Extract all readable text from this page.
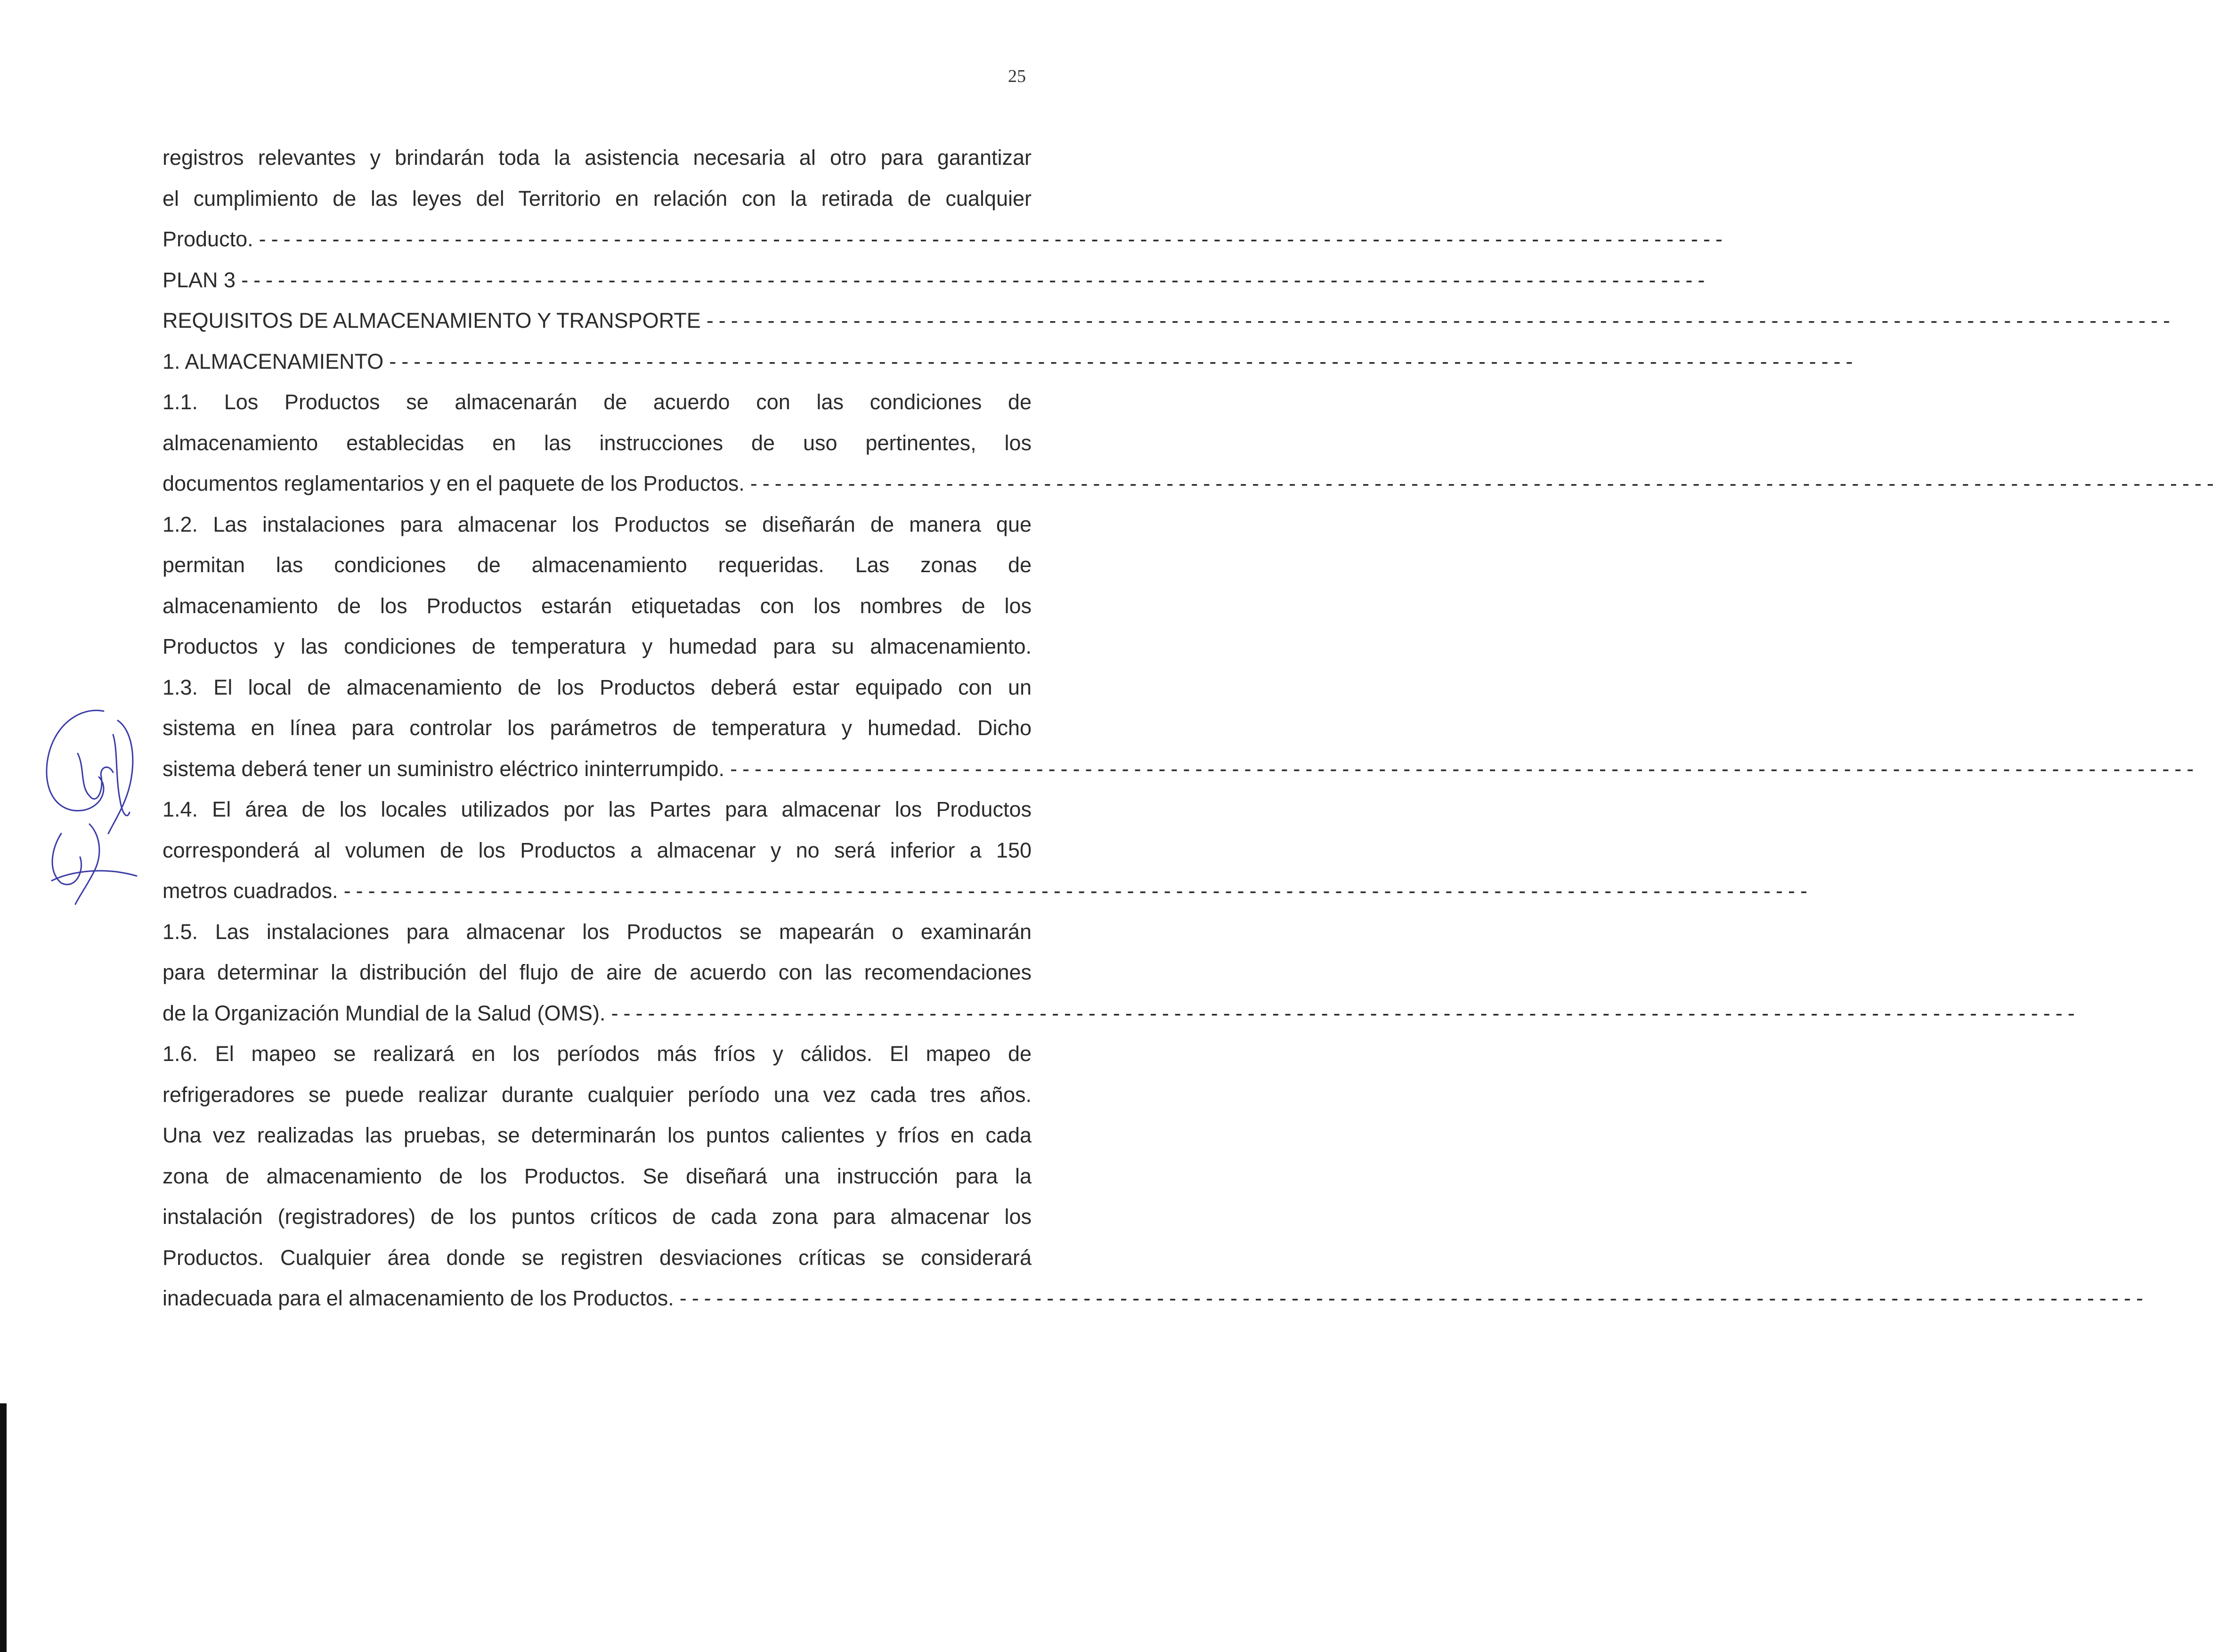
25
registros relevantes y brindarán toda la asistencia necesaria al otro para garantizar
el cumplimiento de las leyes del Territorio en relación con la retirada de cualquier
Producto. ------------------------------------------------------------------------------------------------------------------------
PLAN 3 ------------------------------------------------------------------------------------------------------------------------
REQUISITOS DE ALMACENAMIENTO Y TRANSPORTE ------------------------------------------------------------------------------------------------------------------------
1. ALMACENAMIENTO ------------------------------------------------------------------------------------------------------------------------
1.1. Los Productos se almacenarán de acuerdo con las condiciones de
almacenamiento establecidas en las instrucciones de uso pertinentes, los
documentos reglamentarios y en el paquete de los Productos. ------------------------------------------------------------------------------------------------------------------------
1.2. Las instalaciones para almacenar los Productos se diseñarán de manera que
permitan las condiciones de almacenamiento requeridas. Las zonas de
almacenamiento de los Productos estarán etiquetadas con los nombres de los
Productos y las condiciones de temperatura y humedad para su almacenamiento.
1.3. El local de almacenamiento de los Productos deberá estar equipado con un
sistema en línea para controlar los parámetros de temperatura y humedad. Dicho
sistema deberá tener un suministro eléctrico ininterrumpido. ------------------------------------------------------------------------------------------------------------------------
1.4. El área de los locales utilizados por las Partes para almacenar los Productos
corresponderá al volumen de los Productos a almacenar y no será inferior a 150
metros cuadrados. ------------------------------------------------------------------------------------------------------------------------
1.5. Las instalaciones para almacenar los Productos se mapearán o examinarán
para determinar la distribución del flujo de aire de acuerdo con las recomendaciones
de la Organización Mundial de la Salud (OMS). ------------------------------------------------------------------------------------------------------------------------
1.6. El mapeo se realizará en los períodos más fríos y cálidos. El mapeo de
refrigeradores se puede realizar durante cualquier período una vez cada tres años.
Una vez realizadas las pruebas, se determinarán los puntos calientes y fríos en cada
zona de almacenamiento de los Productos. Se diseñará una instrucción para la
instalación (registradores) de los puntos críticos de cada zona para almacenar los
Productos. Cualquier área donde se registren desviaciones críticas se considerará
inadecuada para el almacenamiento de los Productos. ------------------------------------------------------------------------------------------------------------------------
